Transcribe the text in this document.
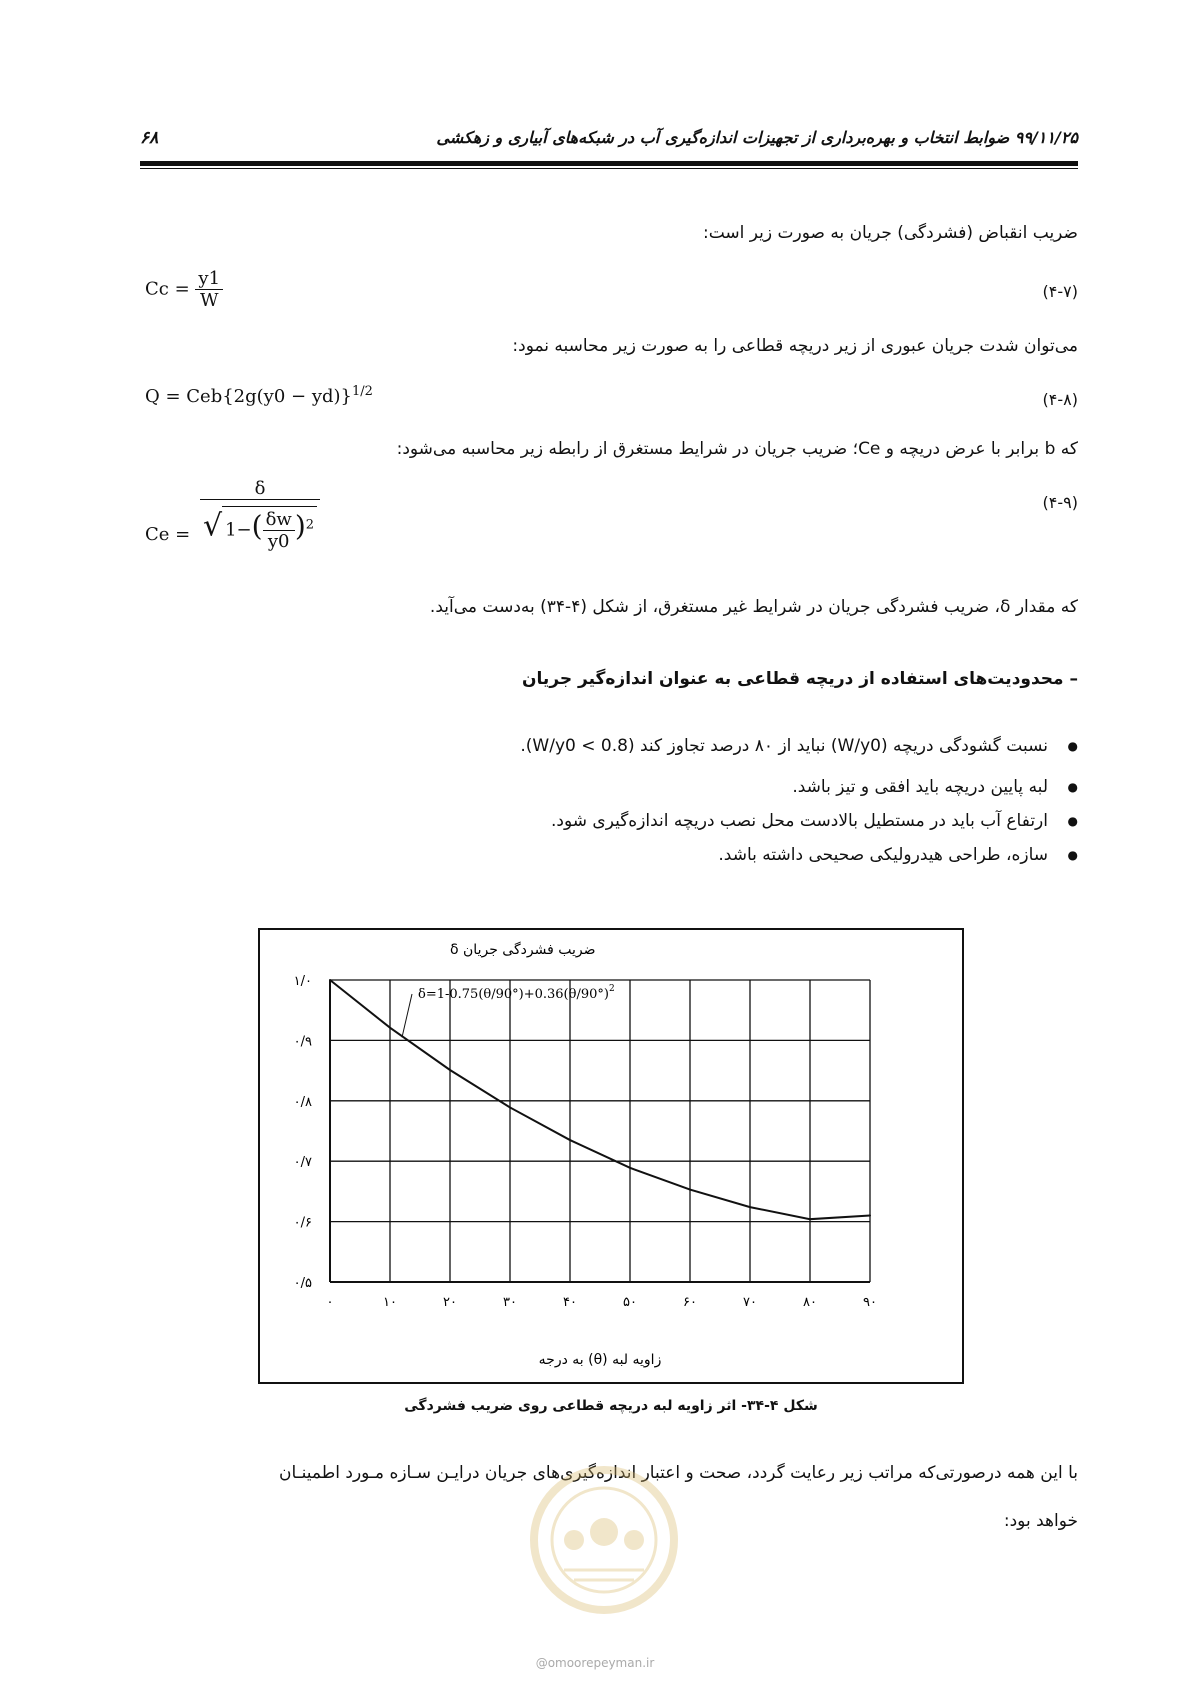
۹۹/۱۱/۲۵ ضوابط انتخاب و بهره‌برداری از تجهیزات اندازه‌گیری آب در شبکه‌های آبیاری و زهکشی
۶۸
ضریب انقباض (فشردگی) جریان به صورت زیر است:
$Cc = \frac{y1}{W}$	(۴-۷)
می‌توان شدت جریان عبوری از زیر دریچه قطاعی را به صورت زیر محاسبه نمود:
$Q = Ceb\{2g(y0 - yd)\}^{1/2}$	(۴-۸)
که b برابر با عرض دریچه و Ce؛ ضریب جریان در شرایط مستغرق از رابطه زیر محاسبه می‌شود:
$Ce = \frac{\delta}{√ 1-( \frac{\delta w}{y0} )^2}$	(۴-۹)
که مقدار δ، ضریب فشردگی جریان در شرایط غیر مستغرق، از شکل (۴-۳۴) به‌دست می‌آید.
– محدودیت‌های استفاده از دریچه قطاعی به عنوان اندازه‌گیر جریان
● نسبت گشودگی دریچه (W/y0) نباید از ۸۰ درصد تجاوز کند (W/y0 < 0.8).
● لبه پایین دریچه باید افقی و تیز باشد.
● ارتفاع آب باید در مستطیل بالادست محل نصب دریچه اندازه‌گیری شود.
● سازه، طراحی هیدرولیکی صحیحی داشته باشد.
۰	۱۰	۲۰	۳۰	۴۰	۵۰	۶۰	۷۰	۸۰	۹۰
۰/۵
۰/۶
۰/۷
۰/۸
۰/۹
۱/۰
ضریب فشردگی جریان δ
زاویه لبه (θ) به درجه
$\delta=1-0.75(\theta/90^\circ)+0.36(\theta/90^\circ)^2$
شکل ۴-۳۴- اثر زاویه لبه دریچه قطاعی روی ضریب فشردگی
با این همه درصورتی‌که مراتب زیر رعایت گردد، صحت و اعتبار اندازه‌گیری‌های جریان درایـن سـازه مـورد اطمینـان
خواهد بود:
@omoorepeyman.ir
